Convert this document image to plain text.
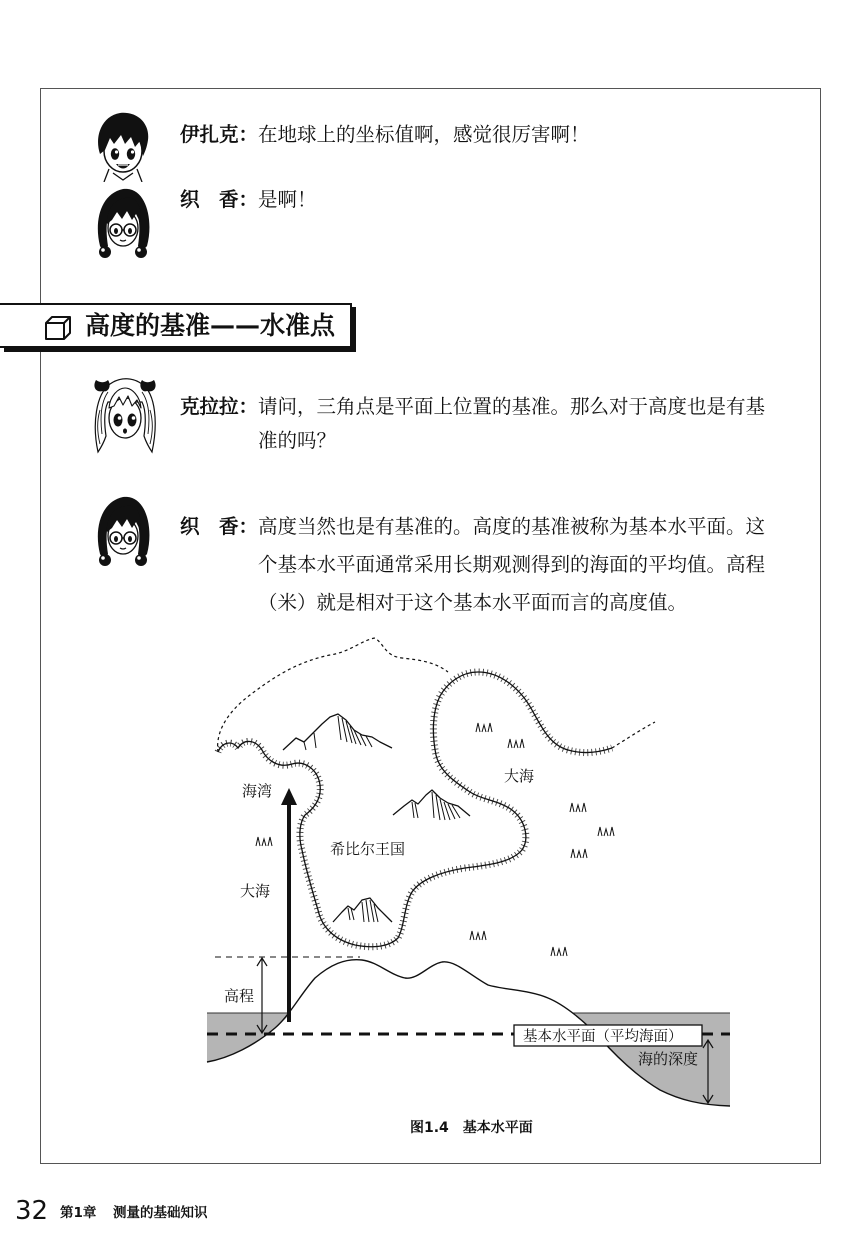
伊扎克： 在地球上的坐标值啊，感觉很厉害啊！
织　香： 是啊！
高度的基准——水准点
克拉拉： 请问，三角点是平面上位置的基准。那么对于高度也是有基
准的吗？
织　香： 高度当然也是有基准的。高度的基准被称为基本水平面。这
个基本水平面通常采用长期观测得到的海面的平均值。高程
（米）就是相对于这个基本水平面而言的高度值。
海湾
大海
希比尔王国
大海
高程
基本水平面（平均海面）
海的深度
图1.4　基本水平面
32 第1章 测量的基础知识
